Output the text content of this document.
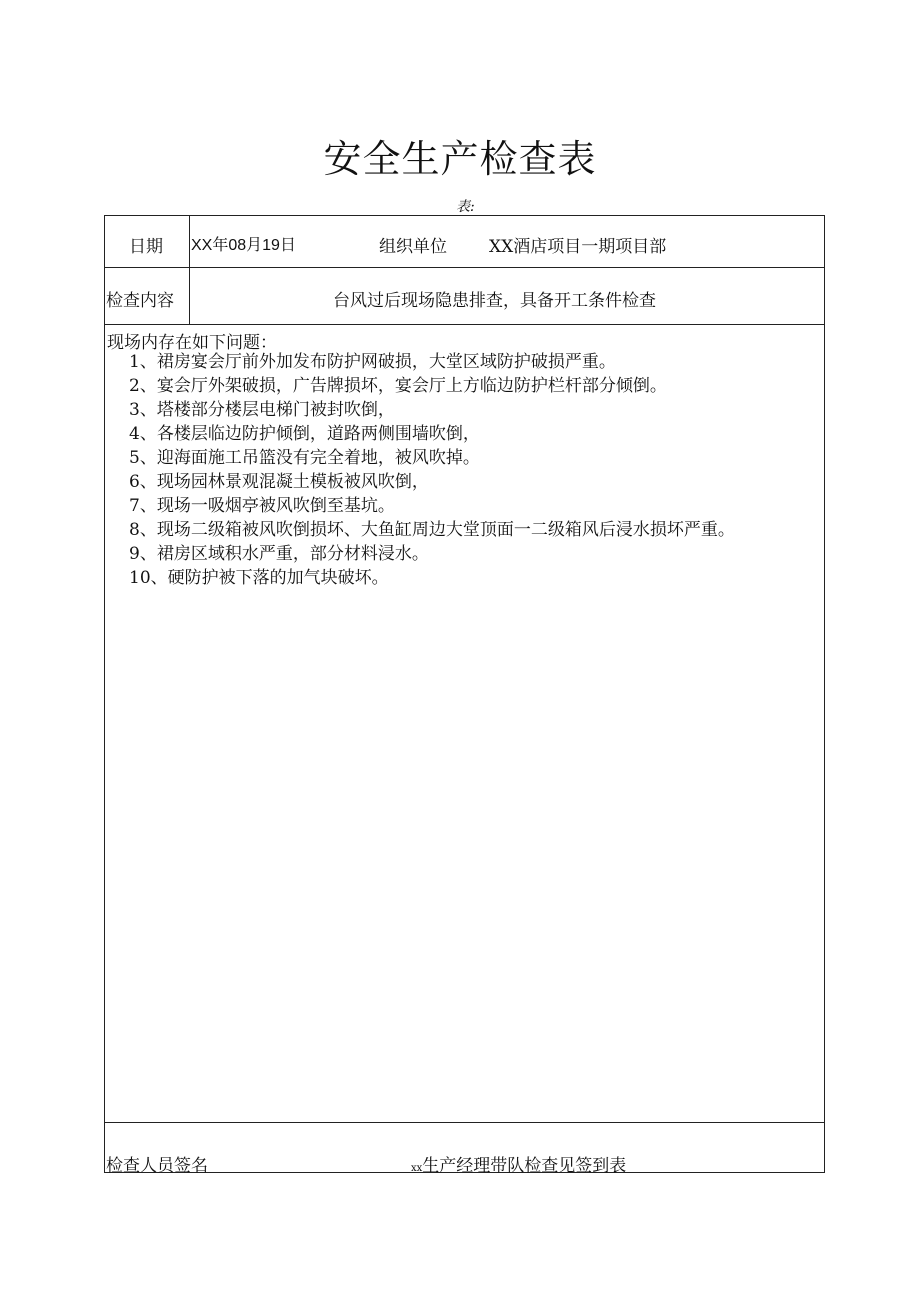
安全生产检查表
表:
日期 XX年08月19日	组织单位 XX酒店项目一期项目部
检查内容	台风过后现场隐患排查，具备开工条件检查
现场内存在如下问题：
1、裙房宴会厅前外加发布防护网破损，大堂区域防护破损严重。
2、宴会厅外架破损，广告牌损坏，宴会厅上方临边防护栏杆部分倾倒。
3、塔楼部分楼层电梯门被封吹倒，
4、各楼层临边防护倾倒，道路两侧围墙吹倒，
5、迎海面施工吊篮没有完全着地，被风吹掉。
6、现场园林景观混凝土模板被风吹倒，
7、现场一吸烟亭被风吹倒至基坑。
8、现场二级箱被风吹倒损坏、大鱼缸周边大堂顶面一二级箱风后浸水损坏严重。
9、裙房区域积水严重，部分材料浸水。
10、硬防护被下落的加气块破坏。
检查人员签名	xx生产经理带队检查见签到表
